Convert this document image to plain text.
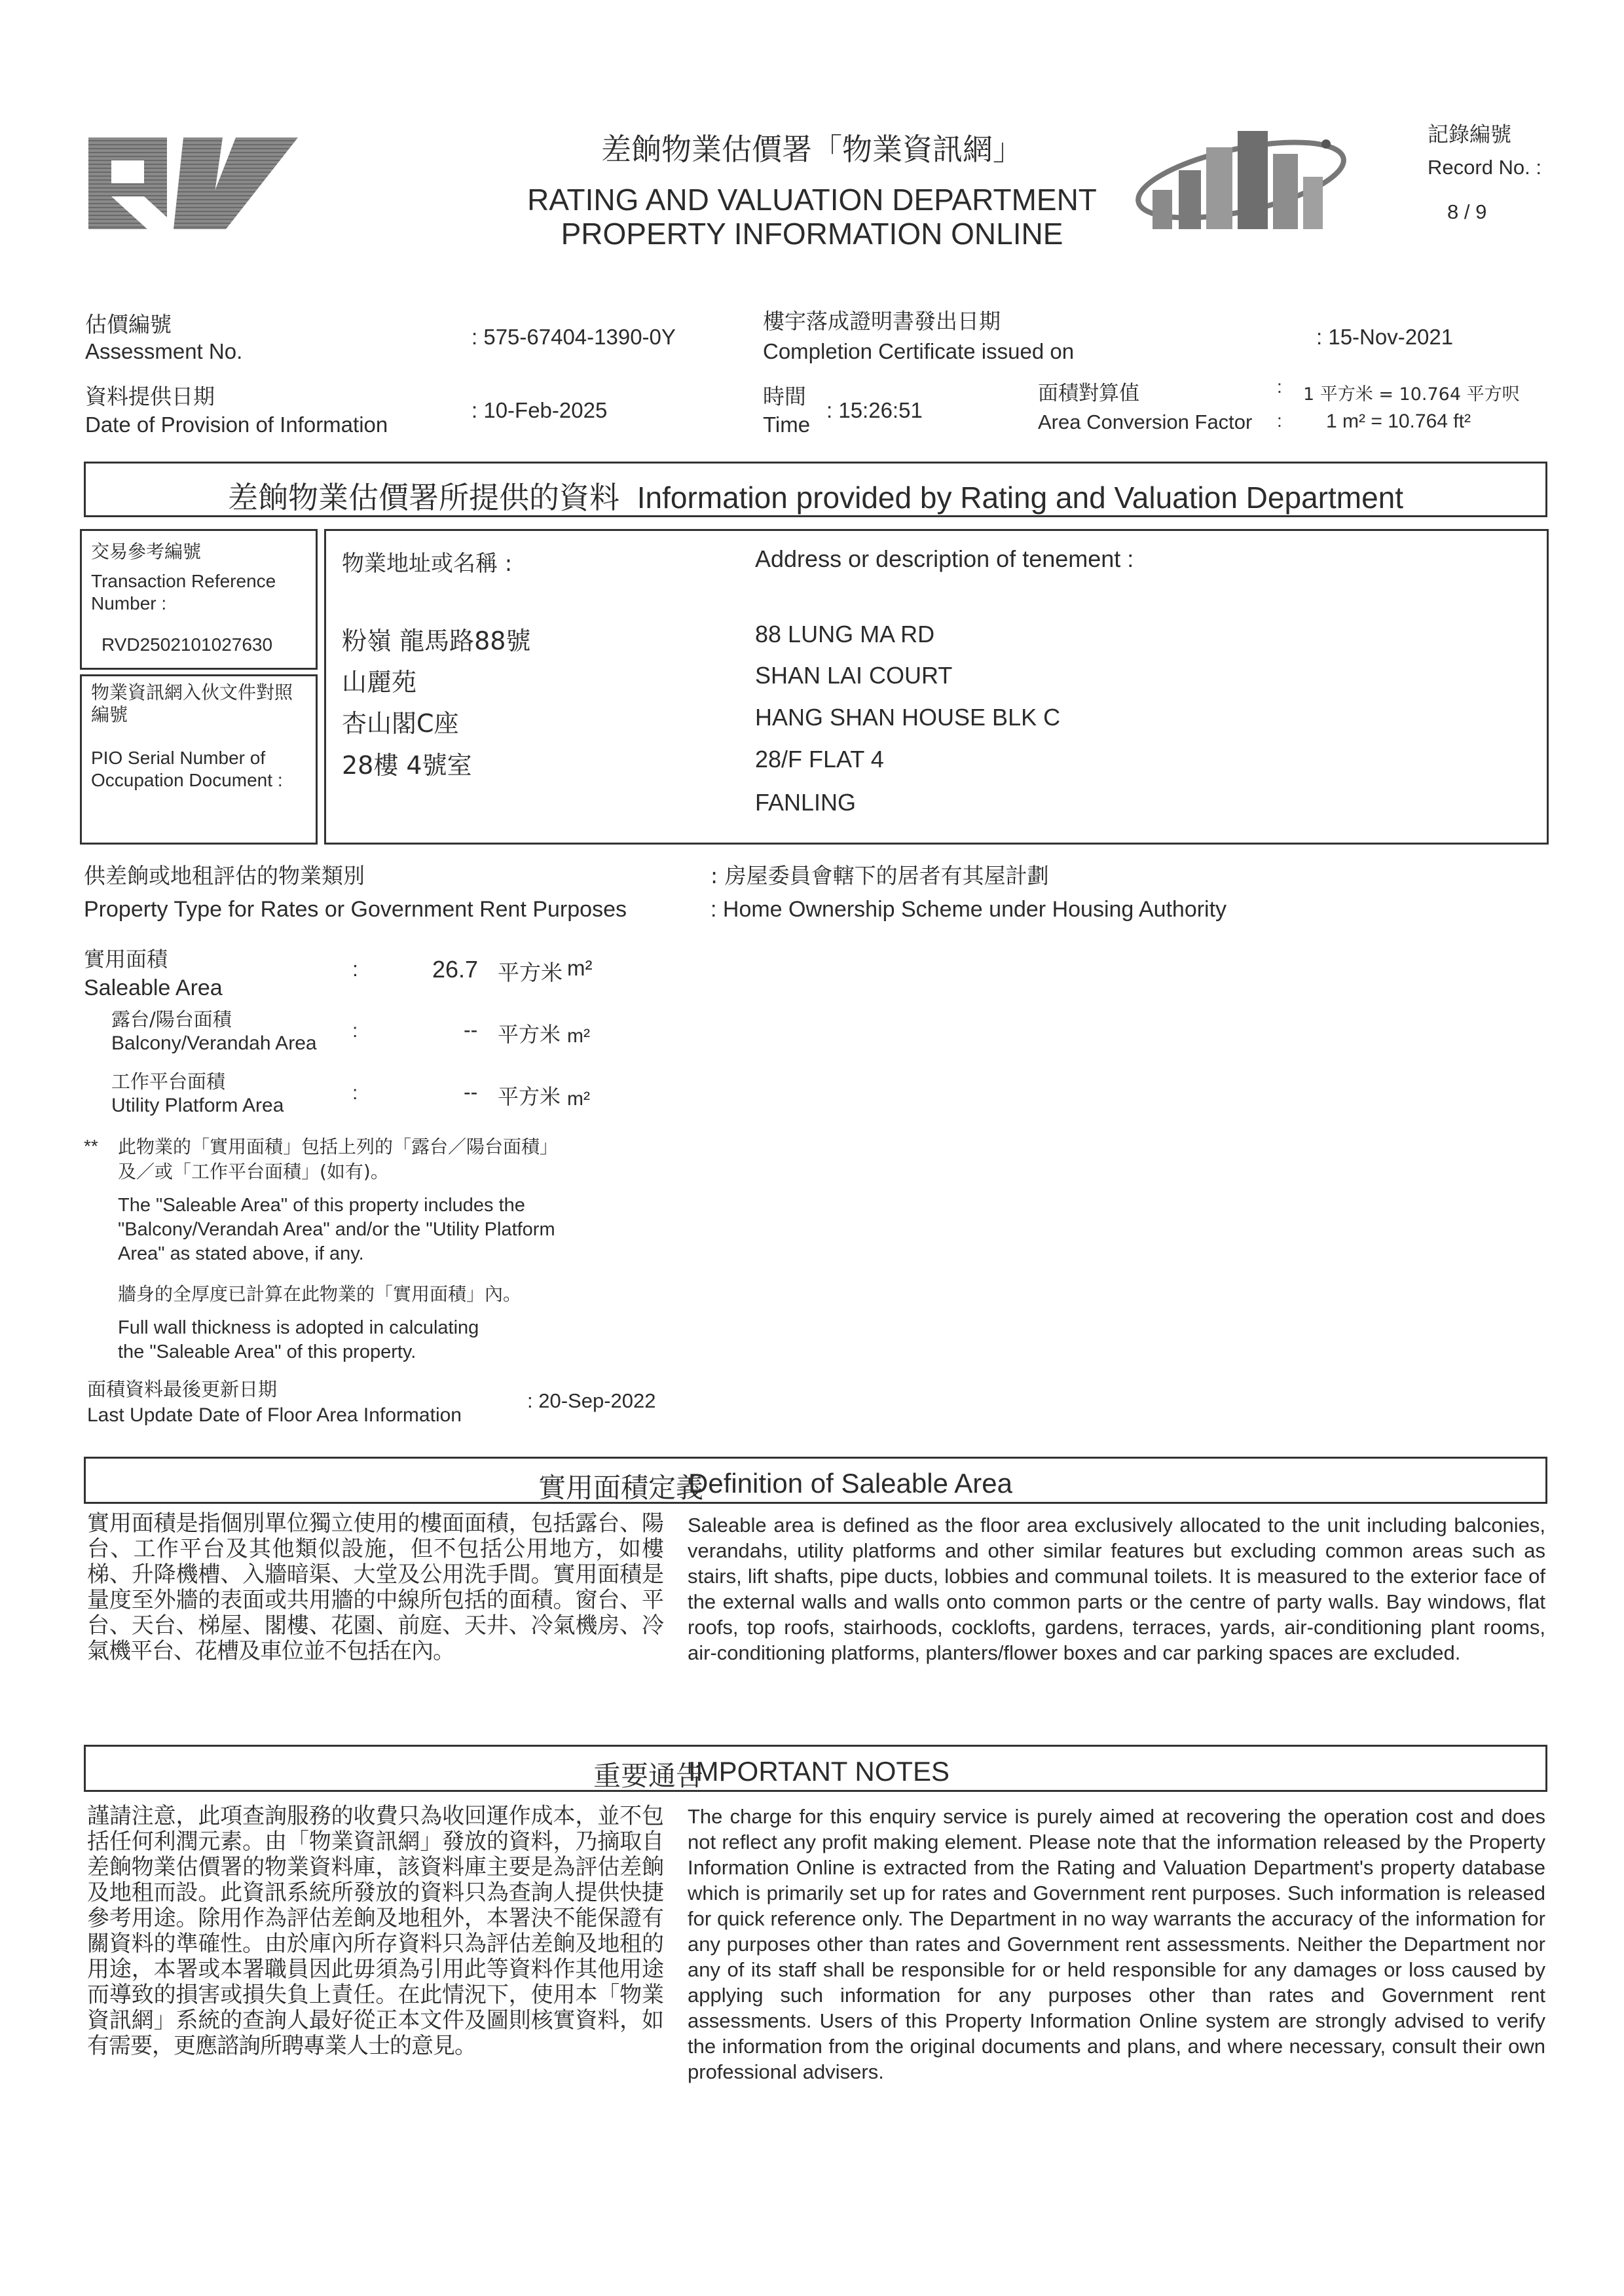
差餉物業估價署「物業資訊網」
RATING AND VALUATION DEPARTMENT
PROPERTY INFORMATION ONLINE
記錄編號
Record No. :
8 / 9
估價編號
Assessment No.
: 575-67404-1390-0Y
樓宇落成證明書發出日期
Completion Certificate issued on
: 15-Nov-2021
資料提供日期
Date of Provision of Information
: 10-Feb-2025
時間
Time
: 15:26:51
面積對算值
Area Conversion Factor
:
:
1 平方米 = 10.764 平方呎
1 m² = 10.764 ft²
差餉物業估價署所提供的資料 Information provided by Rating and Valuation Department
交易參考編號
Transaction Reference Number :
RVD2502101027630
物業資訊網入伙文件對照編號
PIO Serial Number of Occupation Document :
物業地址或名稱 :	Address or description of tenement :
粉嶺 龍馬路88號
山麗苑
杏山閣C座
28樓 4號室
88 LUNG MA RD
SHAN LAI COURT
HANG SHAN HOUSE BLK C
28/F FLAT 4
FANLING
供差餉或地租評估的物業類別
Property Type for Rates or Government Rent Purposes
: 房屋委員會轄下的居者有其屋計劃
: Home Ownership Scheme under Housing Authority
實用面積
Saleable Area
:	26.7 平方米 m²
露台/陽台面積
Balcony/Verandah Area
:	-- 平方米 m²
工作平台面積
Utility Platform Area
:	-- 平方米 m²
** 此物業的「實用面積」包括上列的「露台／陽台面積」
及／或「工作平台面積」(如有)。
The "Saleable Area" of this property includes the
"Balcony/Verandah Area" and/or the "Utility Platform
Area" as stated above, if any.
牆身的全厚度已計算在此物業的「實用面積」內。
Full wall thickness is adopted in calculating
the "Saleable Area" of this property.
面積資料最後更新日期
Last Update Date of Floor Area Information
: 20-Sep-2022
實用面積定義
Definition of Saleable Area
實用面積是指個別單位獨立使用的樓面面積，包括露台、陽台、工作平台及其他類似設施，但不包括公用地方，如樓梯、升降機槽、入牆暗渠、大堂及公用洗手間。實用面積是量度至外牆的表面或共用牆的中線所包括的面積。窗台、平台、天台、梯屋、閣樓、花園、前庭、天井、冷氣機房、冷氣機平台、花槽及車位並不包括在內。
Saleable area is defined as the floor area exclusively allocated to the unit including balconies, verandahs, utility platforms and other similar features but excluding common areas such as stairs, lift shafts, pipe ducts, lobbies and communal toilets. It is measured to the exterior face of the external walls and walls onto common parts or the centre of party walls. Bay windows, flat roofs, top roofs, stairhoods, cocklofts, gardens, terraces, yards, air-conditioning plant rooms, air-conditioning platforms, planters/flower boxes and car parking spaces are excluded.
重要通告
IMPORTANT NOTES
謹請注意，此項查詢服務的收費只為收回運作成本，並不包括任何利潤元素。由「物業資訊網」發放的資料，乃摘取自差餉物業估價署的物業資料庫，該資料庫主要是為評估差餉及地租而設。此資訊系統所發放的資料只為查詢人提供快捷參考用途。除用作為評估差餉及地租外，本署決不能保證有關資料的準確性。由於庫內所存資料只為評估差餉及地租的用途，本署或本署職員因此毋須為引用此等資料作其他用途而導致的損害或損失負上責任。在此情況下，使用本「物業資訊網」系統的查詢人最好從正本文件及圖則核實資料，如有需要，更應諮詢所聘專業人士的意見。
The charge for this enquiry service is purely aimed at recovering the operation cost and does not reflect any profit making element. Please note that the information released by the Property Information Online is extracted from the Rating and Valuation Department's property database which is primarily set up for rates and Government rent purposes. Such information is released for quick reference only. The Department in no way warrants the accuracy of the information for any purposes other than rates and Government rent assessments. Neither the Department nor any of its staff shall be responsible for or held responsible for any damages or loss caused by applying such information for any purposes other than rates and Government rent assessments. Users of this Property Information Online system are strongly advised to verify the information from the original documents and plans, and where necessary, consult their own professional advisers.
